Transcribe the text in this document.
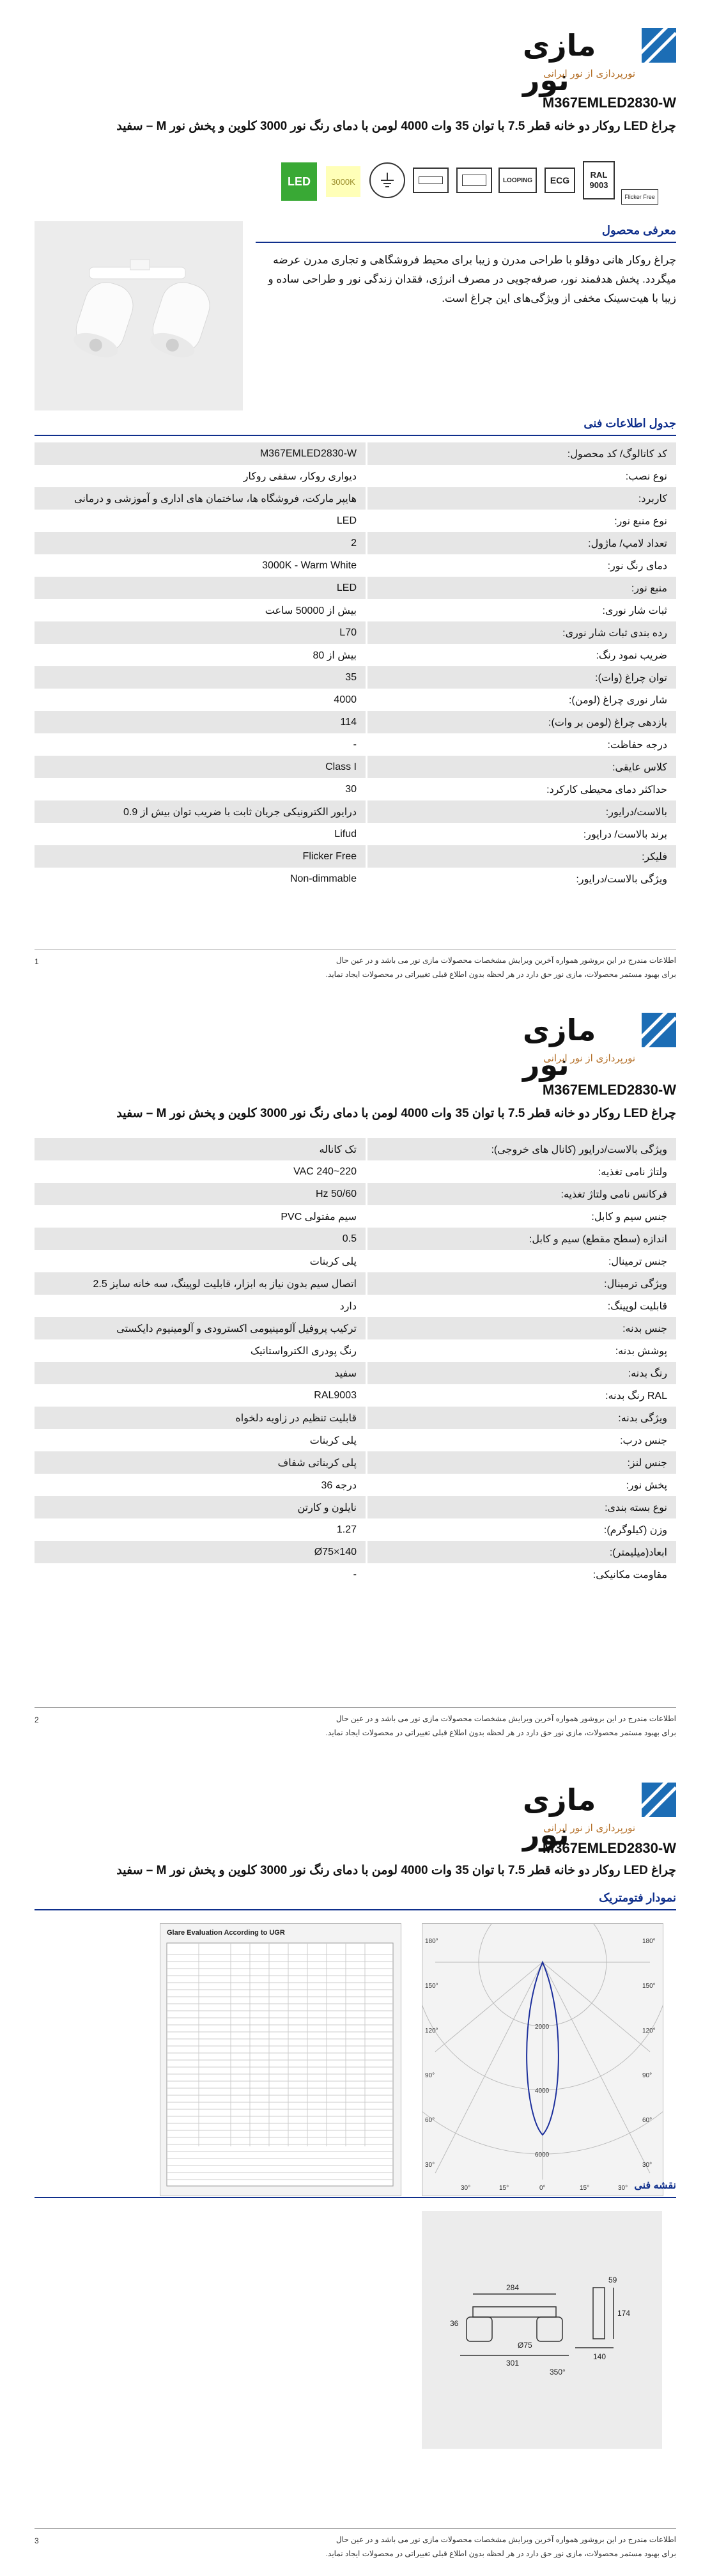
مازی نور
نورپردازی از نور ایرانی
M367EMLED2830-W
چراغ LED روکار دو خانه قطر 7.5 با توان 35 وات 4000 لومن با دمای رنگ نور 3000 کلوین و پخش نور M – سفید
LED	3000K	LOOPING	ECG
RAL 9003
Flicker Free
معرفی محصول
چراغ روکار هانی دوقلو با طراحی مدرن و زیبا برای محیط فروشگاهی و تجاری مدرن عرضه میگردد. پخش هدفمند نور، صرفه‌جویی در مصرف انرژی، فقدان زندگی نور و طراحی ساده و زیبا با هیت‌سینک مخفی از ویژگی‌های این چراغ است.
جدول اطلاعات فنی
M367EMLED2830-W	کد کاتالوگ/ کد محصول:
دیواری روکار، سقفی روکار	نوع نصب:
هایپر مارکت، فروشگاه ها، ساختمان های اداری و آموزشی و درمانی	کاربرد:
LED	نوع منبع نور:
2	تعداد لامپ/ ماژول:
3000K - Warm White	دمای رنگ نور:
LED	منبع نور:
بیش از 50000 ساعت	ثبات شار نوری:
L70	رده بندی ثبات شار نوری:
بیش از 80	ضریب نمود رنگ:
35	توان چراغ (وات):
4000	شار نوری چراغ (لومن):
114	بازدهی چراغ (لومن بر وات):
-	درجه حفاظت:
Class I	کلاس عایقی:
30	حداکثر دمای محیطی کارکرد:
درایور الکترونیکی جریان ثابت با ضریب توان بیش از 0.9	بالاست/درایور:
Lifud	برند بالاست/ درایور:
Flicker Free	فلیکر:
Non-dimmable	ویژگی بالاست/درایور:
اطلاعات مندرج در این بروشور همواره آخرین ویرایش مشخصات محصولات مازی نور می باشد و در عین حال
برای بهبود مستمر محصولات، مازی نور حق دارد در هر لحظه بدون اطلاع قبلی تغییراتی در محصولات ایجاد نماید.
1
مازی نور
نورپردازی از نور ایرانی
M367EMLED2830-W
چراغ LED روکار دو خانه قطر 7.5 با توان 35 وات 4000 لومن با دمای رنگ نور 3000 کلوین و پخش نور M – سفید
تک کاناله	ویژگی بالاست/درایور (کانال های خروجی):
220~240 VAC	ولتاژ نامی تغذیه:
50/60 Hz	فرکانس نامی ولتاژ تغذیه:
سیم مفتولی PVC	جنس سیم و کابل:
0.5	اندازه (سطح مقطع) سیم و کابل:
پلی کربنات	جنس ترمینال:
اتصال سیم بدون نیاز به ابزار، قابلیت لوپینگ، سه خانه سایز 2.5	ویژگی ترمینال:
دارد	قابلیت لوپینگ:
ترکیب پروفیل آلومینیومی اکسترودی و آلومینیوم دایکستی	جنس بدنه:
رنگ پودری الکترواستاتیک	پوشش بدنه:
سفید	رنگ بدنه:
RAL9003	RAL رنگ بدنه:
قابلیت تنظیم در زاویه دلخواه	ویژگی بدنه:
پلی کربنات	جنس درب:
پلی کربناتی شفاف	جنس لنز:
درجه 36	پخش نور:
نایلون و کارتن	نوع بسته بندی:
1.27	وزن (کیلوگرم):
Ø75×140	ابعاد(میلیمتر):
-	مقاومت مکانیکی:
اطلاعات مندرج در این بروشور همواره آخرین ویرایش مشخصات محصولات مازی نور می باشد و در عین حال
برای بهبود مستمر محصولات، مازی نور حق دارد در هر لحظه بدون اطلاع قبلی تغییراتی در محصولات ایجاد نماید.
2
مازی نور
نورپردازی از نور ایرانی
M367EMLED2830-W
چراغ LED روکار دو خانه قطر 7.5 با توان 35 وات 4000 لومن با دمای رنگ نور 3000 کلوین و پخش نور M – سفید
نمودار فتومتریک
Glare Evaluation According to UGR
180°
150°
120°
90°
60°
30°
180°
150°
120°
90°
60°
30°
30°	15°	0°	15°	30°
2000
4000
6000
نقشه فنی
284
59
Ø75
140
301
174
36
350°
اطلاعات مندرج در این بروشور همواره آخرین ویرایش مشخصات محصولات مازی نور می باشد و در عین حال
برای بهبود مستمر محصولات، مازی نور حق دارد در هر لحظه بدون اطلاع قبلی تغییراتی در محصولات ایجاد نماید.
3
